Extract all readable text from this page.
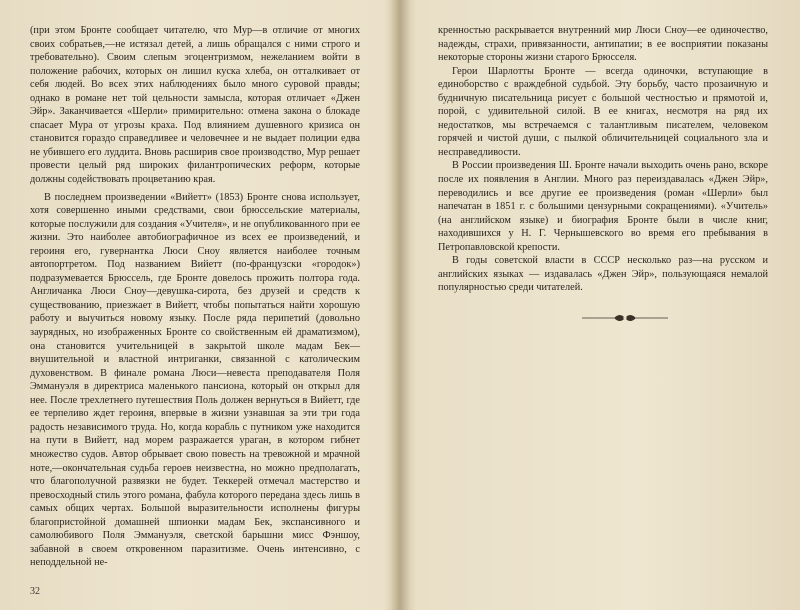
(при этом Бронте сообщает читателю, что Мур—в отличие от многих своих собратьев,—не истязал детей, а лишь обращался с ними строго и требовательно). Своим слепым эгоцентризмом, нежеланием войти в положение рабочих, которых он лишил куска хлеба, он отталкивает от себя людей. Во всех этих наблюдениях было много суровой правды; однако в романе нет той цельности замысла, которая отличает «Джен Эйр». Заканчивается «Шерли» примирительно: отмена закона о блокаде спасает Мура от угрозы краха. Под влиянием душевного кризиса он становится гораздо справедливее и человечнее и не выдает полиции едва не убившего его луддита. Вновь расширив свое производство, Мур решает провести целый ряд широких филантропических реформ, которые должны содействовать процветанию края.

В последнем произведении «Вийетт» (1853) Бронте снова использует, хотя совершенно иными средствами, свои брюссельские материалы, которые послужили для создания «Учителя», и не опубликованного при ее жизни. Это наиболее автобиографичное из всех ее произведений, и героиня его, гувернантка Люси Сноу является наиболее точным автопортретом. Под названием Вийетт (по-французски «городок») подразумевается Брюссель, где Бронте довелось прожить полтора года. Англичанка Люси Сноу—девушка-сирота, без друзей и средств к существованию, приезжает в Вийетт, чтобы попытаться найти хорошую работу и выучиться новому языку. После ряда перипетий (довольно заурядных, но изображенных Бронте со свойственным ей драматизмом), она становится учительницей в закрытой школе мадам Бек—внушительной и властной интриганки, связанной с католическим духовенством. В финале романа Люси—невеста преподавателя Поля Эммануэля в директриса маленького пансиона, который он открыл для нее. После трехлетнего путешествия Поль должен вернуться в Вийетт, где ее терпеливо ждет героиня, впервые в жизни узнавшая за эти три года радость независимого труда. Но, когда корабль с путником уже находится на пути в Вийетт, над морем разражается ураган, в котором гибнет множество судов. Автор обрывает свою повесть на тревожной и мрачной ноте,—окончательная судьба героев неизвестна, но можно предполагать, что благополучной развязки не будет. Теккерей отмечал мастерство и превосходный стиль этого романа, фабула которого передана здесь лишь в самых общих чертах. Большой выразительности исполнены фигуры благопристойной домашней шпионки мадам Бек, экспансивного и самолюбивого Поля Эммануэля, светской барышни мисс Фэншоу, забавной в своем откровенном паразитизме. Очень интенсивно, с неподдельной не-

32

кренностью раскрывается внутренний мир Люси Сноу—ее одиночество, надежды, страхи, привязанности, антипатии; в ее восприятии показаны некоторые стороны жизни старого Брюсселя.

Герои Шарлотты Бронте — всегда одиночки, вступающие в единоборство с враждебной судьбой. Эту борьбу, часто прозаичную и будничную писательница рисует с большой честностью и прямотой и, порой, с удивительной силой. В ее книгах, несмотря на ряд их недостатков, мы встречаемся с талантливым писателем, человеком горячей и чистой души, с пылкой обличительницей социального зла и несправедливости.

В России произведения Ш. Бронте начали выходить очень рано, вскоре после их появления в Англии. Много раз переиздавалась «Джен Эйр», переводились и все другие ее произведения (роман «Шерли» был напечатан в 1851 г. с большими цензурными сокращениями). «Учитель» (на английском языке) и биография Бронте были в числе книг, находившихся у Н. Г. Чернышевского во время его пребывания в Петропавловской крепости.

В годы советской власти в СССР несколько раз—на русском и английских языках — издавалась «Джен Эйр», пользующаяся немалой популярностью среди читателей.
